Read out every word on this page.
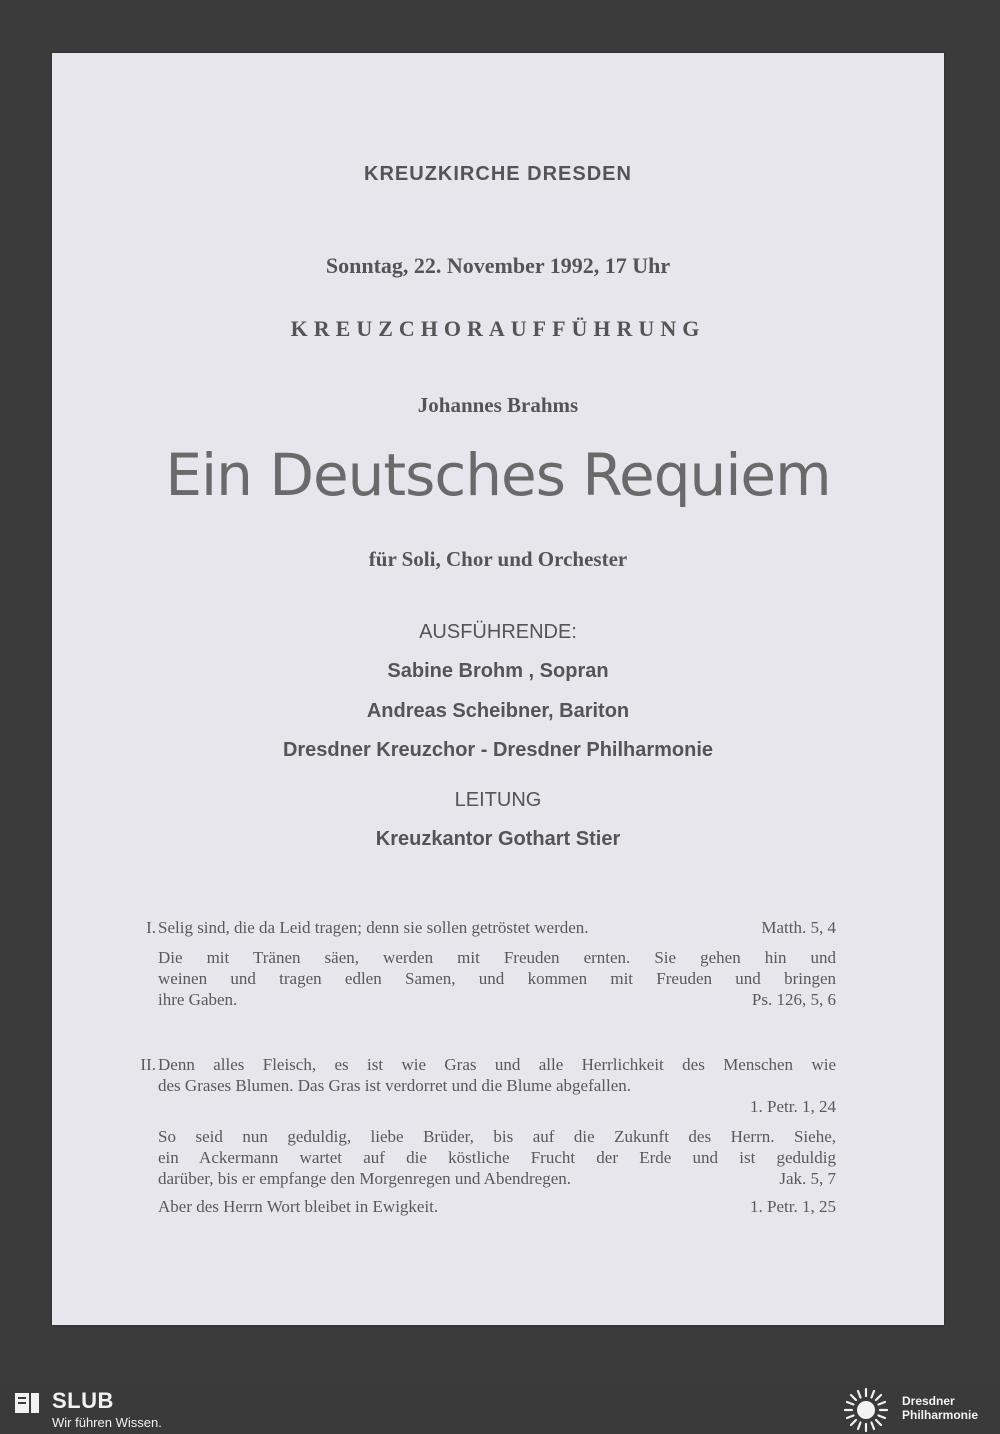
KREUZKIRCHE DRESDEN
Sonntag, 22. November 1992, 17 Uhr
KREUZCHORAUFFÜHRUNG
Johannes Brahms
Ein Deutsches Requiem
für Soli, Chor und Orchester
AUSFÜHRENDE:
Sabine Brohm , Sopran
Andreas Scheibner, Bariton
Dresdner Kreuzchor - Dresdner Philharmonie
LEITUNG
Kreuzkantor Gothart Stier
I. Selig sind, die da Leid tragen; denn sie sollen getröstet werden.	Matth. 5, 4
Die mit Tränen säen, werden mit Freuden ernten. Sie gehen hin und
weinen und tragen edlen Samen, und kommen mit Freuden und bringen
ihre Gaben.	Ps. 126, 5, 6
II. Denn alles Fleisch, es ist wie Gras und alle Herrlichkeit des Menschen wie
des Grases Blumen. Das Gras ist verdorret und die Blume abgefallen.
1. Petr. 1, 24
So seid nun geduldig, liebe Brüder, bis auf die Zukunft des Herrn. Siehe,
ein Ackermann wartet auf die köstliche Frucht der Erde und ist geduldig
darüber, bis er empfange den Morgenregen und Abendregen.	Jak. 5, 7
Aber des Herrn Wort bleibet in Ewigkeit.	1. Petr. 1, 25
SLUB
Wir führen Wissen.
Dresdner
Philharmonie
